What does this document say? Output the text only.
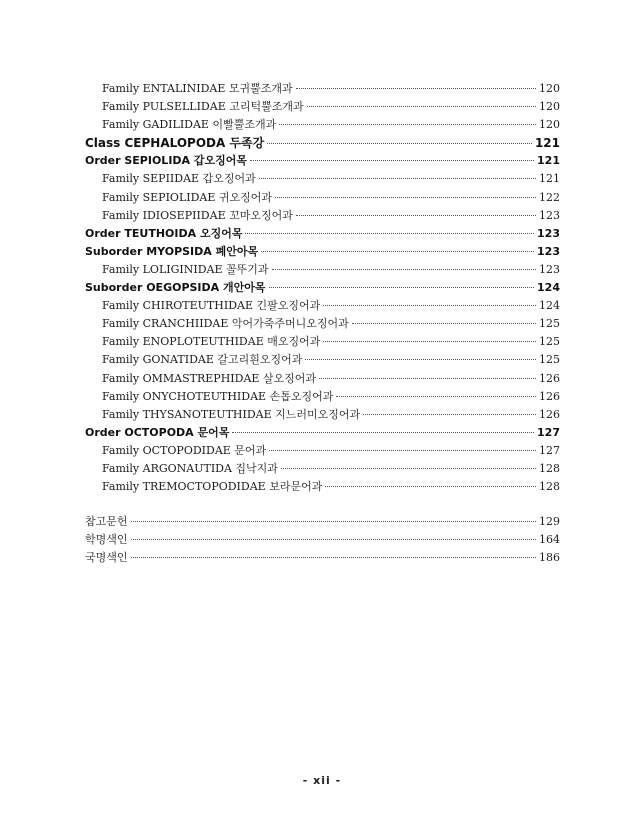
Family ENTALINIDAE 모귀뿔조개과	120
Family PULSELLIDAE 고리턱뿔조개과	120
Family GADILIDAE 이빨뿔조개과	120
Class CEPHALOPODA 두족강	121
Order SEPIOLIDA 갑오징어목	121
Family SEPIIDAE 갑오징어과	121
Family SEPIOLIDAE 귀오징어과	122
Family IDIOSEPIIDAE 꼬마오징어과	123
Order TEUTHOIDA 오징어목	123
Suborder MYOPSIDA 폐안아목	123
Family LOLIGINIDAE 꼴뚜기과	123
Suborder OEGOPSIDA 개안아목	124
Family CHIROTEUTHIDAE 긴팔오징어과	124
Family CRANCHIIDAE 악어가죽주머니오징어과	125
Family ENOPLOTEUTHIDAE 매오징어과	125
Family GONATIDAE 갈고리흰오징어과	125
Family OMMASTREPHIDAE 살오징어과	126
Family ONYCHOTEUTHIDAE 손톱오징어과	126
Family THYSANOTEUTHIDAE 지느러미오징어과	126
Order OCTOPODA 문어목	127
Family OCTOPODIDAE 문어과	127
Family ARGONAUTIDA 집낙지과	128
Family TREMOCTOPODIDAE 보라문어과	128
참고문헌	129
학명색인	164
국명색인	186
- xii -
